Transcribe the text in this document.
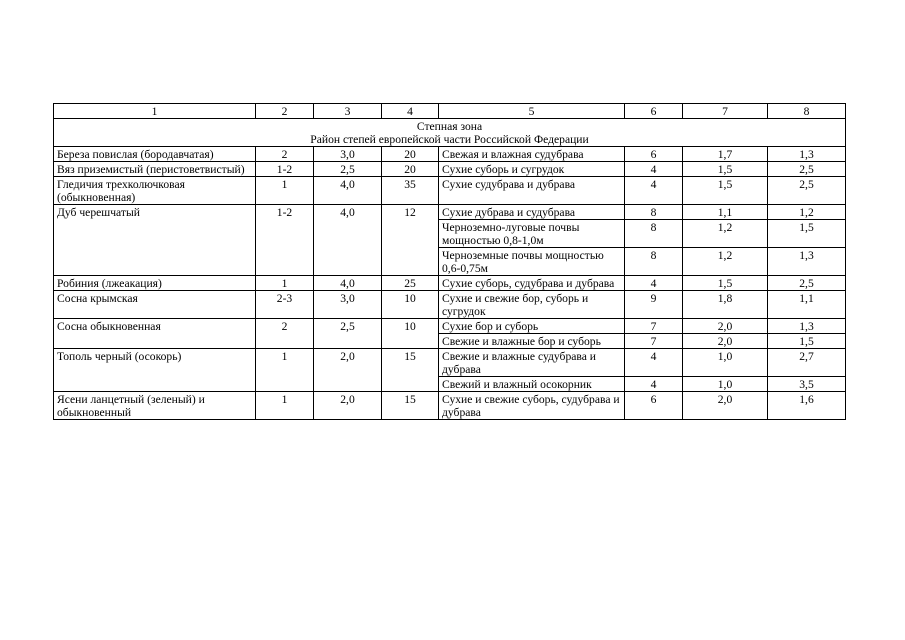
1	2	3	4	5	6	7	8

Степная зона
Район степей европейской части Российской Федерации							

Береза повислая (бородавчатая)	2	3,0	20	Свежая и влажная судубрава	6	1,7	1,3
Вяз приземистый (перистоветвистый)	1-2	2,5	20	Сухие суборь и сугрудок	4	1,5	2,5
Гледичия трехколючковая (обыкновенная)	1	4,0	35	Сухие судубрава и дубрава	4	1,5	2,5
Дуб черешчатый	1-2	4,0	12	Сухие дубрава и судубрава	8	1,1	1,2
				Черноземно-луговые почвы мощностью 0,8-1,0м	8	1,2	1,5
				Черноземные почвы мощностью 0,6-0,75м	8	1,2	1,3
Робиния (лжеакация)	1	4,0	25	Сухие суборь, судубрава и дубрава	4	1,5	2,5
Сосна крымская	2-3	3,0	10	Сухие и свежие бор, суборь и сугрудок	9	1,8	1,1
Сосна обыкновенная	2	2,5	10	Сухие бор и суборь	7	2,0	1,3
				Свежие и влажные бор и суборь	7	2,0	1,5
Тополь черный (осокорь)	1	2,0	15	Свежие и влажные судубрава и дубрава	4	1,0	2,7
				Свежий и влажный осокорник	4	1,0	3,5
Ясени ланцетный (зеленый) и обыкновенный	1	2,0	15	Сухие и свежие суборь, судубрава и дубрава	6	2,0	1,6
